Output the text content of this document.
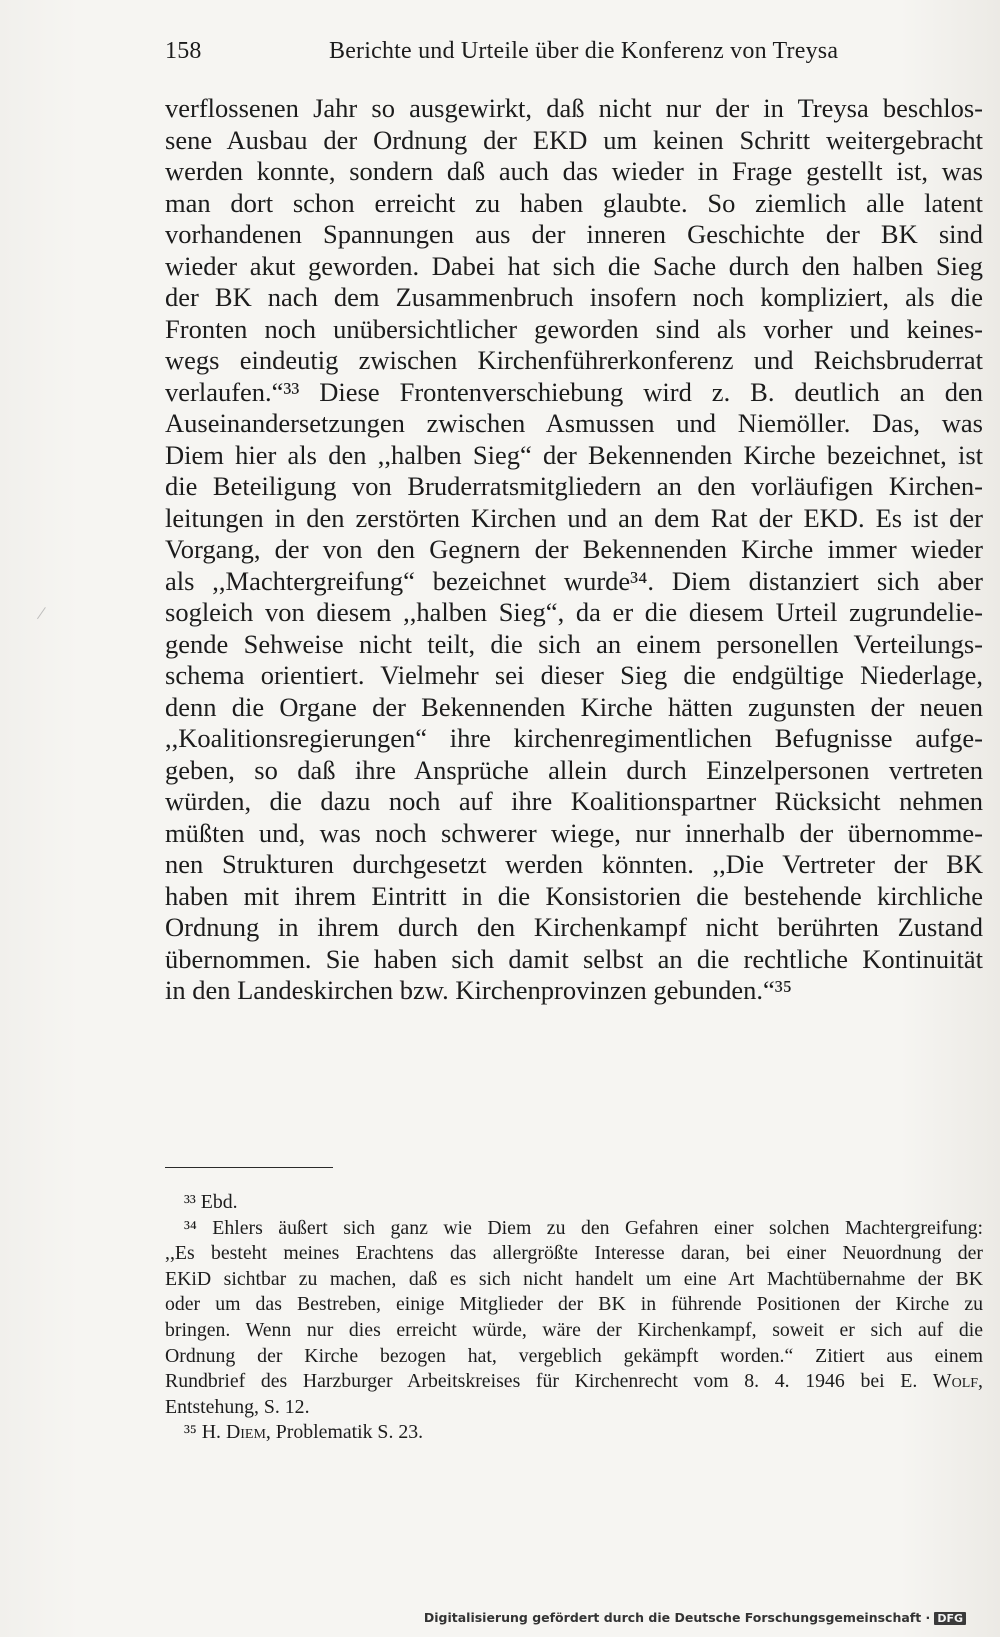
158	Berichte und Urteile über die Konferenz von Treysa
verflossenen Jahr so ausgewirkt, daß nicht nur der in Treysa beschlos-
sene Ausbau der Ordnung der EKD um keinen Schritt weitergebracht
werden konnte, sondern daß auch das wieder in Frage gestellt ist, was
man dort schon erreicht zu haben glaubte. So ziemlich alle latent
vorhandenen Spannungen aus der inneren Geschichte der BK sind
wieder akut geworden. Dabei hat sich die Sache durch den halben Sieg
der BK nach dem Zusammenbruch insofern noch kompliziert, als die
Fronten noch unübersichtlicher geworden sind als vorher und keines-
wegs eindeutig zwischen Kirchenführerkonferenz und Reichsbruderrat
verlaufen.“³³ Diese Frontenverschiebung wird z. B. deutlich an den
Auseinandersetzungen zwischen Asmussen und Niemöller. Das, was
Diem hier als den ,,halben Sieg“ der Bekennenden Kirche bezeichnet, ist
die Beteiligung von Bruderratsmitgliedern an den vorläufigen Kirchen-
leitungen in den zerstörten Kirchen und an dem Rat der EKD. Es ist der
Vorgang, der von den Gegnern der Bekennenden Kirche immer wieder
als ,,Machtergreifung“ bezeichnet wurde³⁴. Diem distanziert sich aber
sogleich von diesem ,,halben Sieg“, da er die diesem Urteil zugrundelie-
gende Sehweise nicht teilt, die sich an einem personellen Verteilungs-
schema orientiert. Vielmehr sei dieser Sieg die endgültige Niederlage,
denn die Organe der Bekennenden Kirche hätten zugunsten der neuen
,,Koalitionsregierungen“ ihre kirchenregimentlichen Befugnisse aufge-
geben, so daß ihre Ansprüche allein durch Einzelpersonen vertreten
würden, die dazu noch auf ihre Koalitionspartner Rücksicht nehmen
müßten und, was noch schwerer wiege, nur innerhalb der übernomme-
nen Strukturen durchgesetzt werden könnten. ,,Die Vertreter der BK
haben mit ihrem Eintritt in die Konsistorien die bestehende kirchliche
Ordnung in ihrem durch den Kirchenkampf nicht berührten Zustand
übernommen. Sie haben sich damit selbst an die rechtliche Kontinuität
in den Landeskirchen bzw. Kirchenprovinzen gebunden.“³⁵
³³ Ebd.
³⁴ Ehlers äußert sich ganz wie Diem zu den Gefahren einer solchen Machtergreifung:
,,Es besteht meines Erachtens das allergrößte Interesse daran, bei einer Neuordnung der
EKiD sichtbar zu machen, daß es sich nicht handelt um eine Art Machtübernahme der BK
oder um das Bestreben, einige Mitglieder der BK in führende Positionen der Kirche zu
bringen. Wenn nur dies erreicht würde, wäre der Kirchenkampf, soweit er sich auf die
Ordnung der Kirche bezogen hat, vergeblich gekämpft worden.“ Zitiert aus einem
Rundbrief des Harzburger Arbeitskreises für Kirchenrecht vom 8. 4. 1946 bei E. Wolf,
Entstehung, S. 12.
³⁵ H. Diem, Problematik S. 23.
Digitalisierung gefördert durch die Deutsche Forschungsgemeinschaft · DFG
